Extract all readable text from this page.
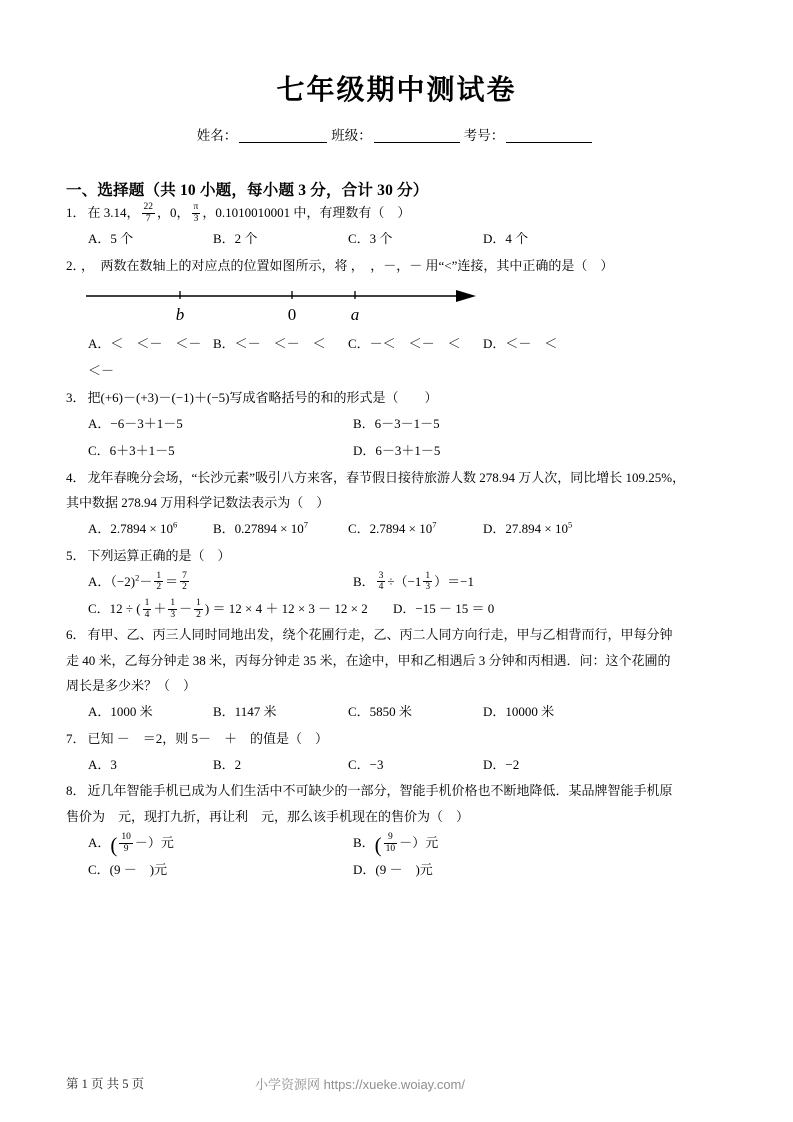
七年级期中测试卷
姓名：	班级：	考号：
一、选择题（共 10 小题，每小题 3 分，合计 30 分）
1． 在 3.14， $\frac{22}{7}$ ，0， $\frac{\pi}{3}$ ，0.1010010001 中，有理数有（　）
A．5 个	B．2 个	C．3 个	D．4 个
2． ，　两数在数轴上的对应点的位置如图所示，将 ，　，－，－ 用“<”连接，其中正确的是（　）
b	0	a
A．＜　＜－　＜－ B．＜－　＜－　＜	C．－＜　＜－　＜	D．＜－　＜
＜－
3． 把(+6)－(+3)－(−1)＋(−5)写成省略括号的和的形式是（　　）
A．−6－3＋1－5	B．6－3－1－5
C．6＋3＋1－5	D．6－3＋1－5
4． 龙年春晚分会场，“长沙元素”吸引八方来客，春节假日接待旅游人数 278.94 万人次，同比增长 109.25%，
其中数据 278.94 万用科学记数法表示为（　）
A．$2.7894 \times 10^6$	B．$0.27894 \times 10^7$	C．$2.7894 \times 10^7$	D．$27.894 \times 10^5$
5． 下列运算正确的是（　）
A．$(-2)^2- \frac{1}{2} = \frac{7}{2}$	B． $\frac{3}{4} \div(-1 \frac{1}{3} )=-1$
C．12 ÷ ( $\frac{1}{4} + \frac{1}{3} - \frac{1}{2}$ ) ＝ 12 × 4 ＋ 12 × 3 － 12 × 2 D．−15 － 15 ＝ 0
6． 有甲、乙、丙三人同时同地出发，绕个花圃行走，乙、丙二人同方向行走，甲与乙相背而行，甲每分钟
走 40 米，乙每分钟走 38 米，丙每分钟走 35 米，在途中，甲和乙相遇后 3 分钟和丙相遇．问：这个花圃的
周长是多少米？（　）
A．1000 米	B．1147 米	C．5850 米	D．10000 米
7． 已知 －　＝2，则 5－　＋　的值是（　）
A．3	B．2	C．−3	D．−2
8． 近几年智能手机已成为人们生活中不可缺少的一部分，智能手机价格也不断地降低．某品牌智能手机原
售价为　元，现打九折，再让利　元，那么该手机现在的售价为（　）
A．( $\frac{10}{9}$ －）元	B．( $\frac{9}{10}$ －）元
C．(9 －　)元	D．(9 －　)元
第 1 页 共 5 页	小学资源网 https://xueke.woiay.com/
